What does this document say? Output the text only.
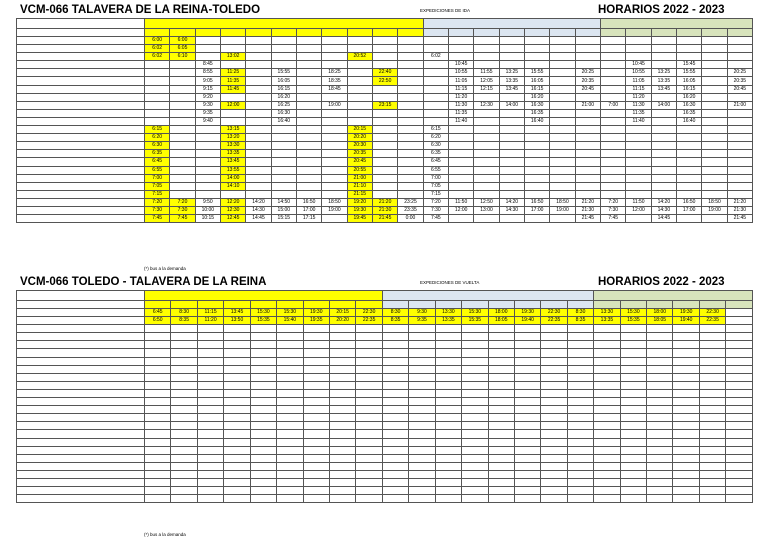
VCM-066 TALAVERA DE LA REINA-TOLEDO	EXPEDICIONES DE IDA	HORARIOS 2022 - 2023

	6:00	6:00																						
	6:02	6:05																						
	6:02	6:10		13:02					20:52			6:02												
			8:45										10:45							10:45		15:45		
			8:55	11:25		15:55		18:25		22:40			10:55	11:55	13:25	15:55		20:25		10:55	13:25	15:55		20:25
			9:05	11:35		16:05		18:35		22:50			11:05	12:05	13:35	16:05		20:35		11:05	13:35	16:05		20:35
			9:15	11:45		16:15		18:45					11:15	12:15	13:45	16:15		20:45		11:15	13:45	16:15		20:45
			9:20			16:20							11:20			16:20				11:20		16:20		
			9:30	12:00		16:25		19:00		23:15			11:30	12:30	14:00	16:30		21:00	7:00	11:30	14:00	16:30		21:00
			9:35			16:30							11:35			16:35				11:35		16:35		
			9:40			16:40							11:40			16:40				11:40		16:40		
	6:15			13:15					20:15			6:15												
	6:20			13:20					20:20			6:20												
	6:30			13:30					20:30			6:30												
	6:35			13:35					20:35			6:35												
	6:45			13:45					20:45			6:45												
	6:55			13:55					20:55			6:55												
	7:00			14:00					21:00			7:00												
	7:05			14:10					21:10			7:05												
	7:15								21:15			7:15												
	7:20	7:20	9:50	12:20	14:20	14:50	16:50	18:50	19:20	21:20	23:25	7:20	11:50	12:50	14:20	16:50	18:50	21:20	7:20	11:50	14:20	16:50	18:50	21:20
	7:30	7:30	10:00	12:30	14:30	15:00	17:00	19:00	19:30	21:30	23:35	7:30	12:00	13:00	14:30	17:00	19:00	21:30	7:30	12:00	14:30	17:00	19:00	21:30
	7:45	7:45	10:15	12:45	14:45	15:15	17:15		19:45	21:45	0:00	7:45						21:45	7:45		14:45			21:45
(*) bus a la demanda
VCM-066 TOLEDO - TALAVERA DE LA REINA	EXPEDICIONES DE VUELTA	HORARIOS 2022 - 2023

	6:45	8:30	11:15	13:45	15:30	15:30	19:30	20:15	22:30	8:30	9:30	13:30	15:30	18:00	19:30	22:30	8:30	13:30	15:30	18:00	19:30	22:30	
	6:50	8:35	11:20	13:50	15:35	15:40	19:35	20:20	22:35	8:35	9:35	13:35	15:35	18:05	19:40	22:35	8:35	13:35	15:35	18:05	19:40	22:35	

(*) bus a la demanda
